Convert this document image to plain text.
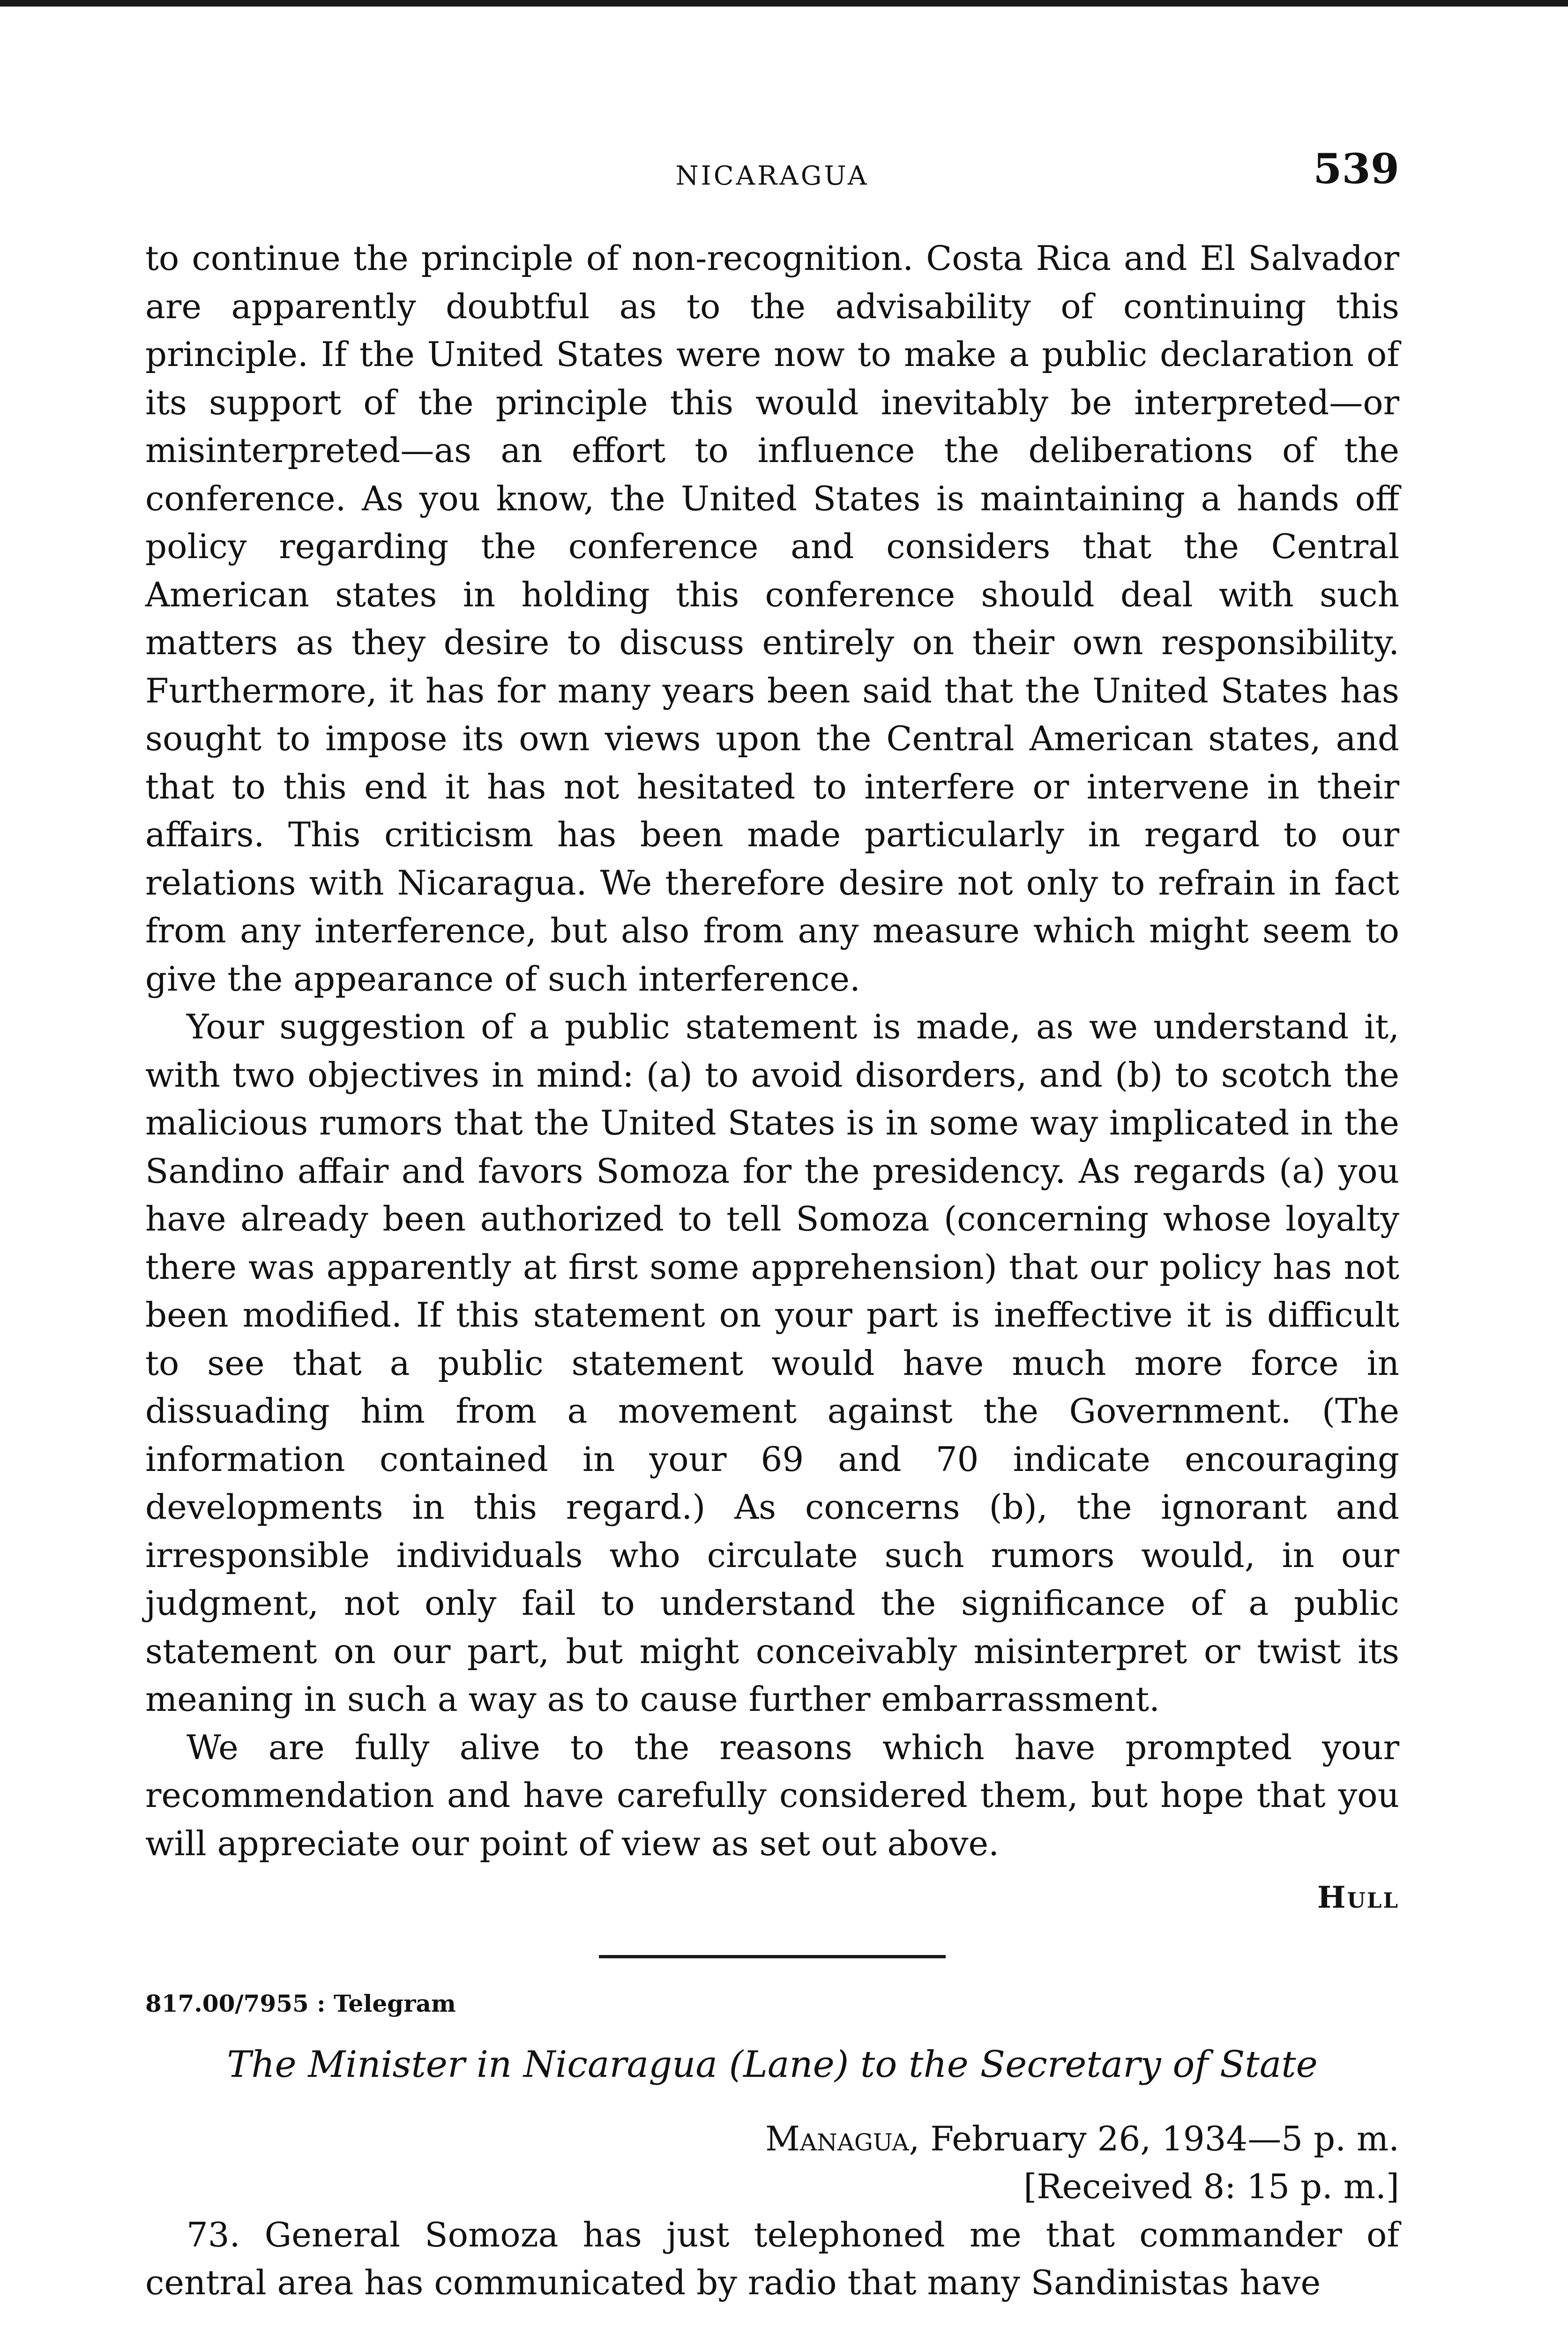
NICARAGUA	539

to continue the principle of non-recognition. Costa Rica and El Salvador are apparently doubtful as to the advisability of continuing this principle. If the United States were now to make a public declaration of its support of the principle this would inevitably be interpreted—or misinterpreted—as an effort to influence the deliberations of the conference. As you know, the United States is maintaining a hands off policy regarding the conference and considers that the Central American states in holding this conference should deal with such matters as they desire to discuss entirely on their own responsibility. Furthermore, it has for many years been said that the United States has sought to impose its own views upon the Central American states, and that to this end it has not hesitated to interfere or intervene in their affairs. This criticism has been made particularly in regard to our relations with Nicaragua. We therefore desire not only to refrain in fact from any interference, but also from any measure which might seem to give the appearance of such interference.

Your suggestion of a public statement is made, as we understand it, with two objectives in mind: (a) to avoid disorders, and (b) to scotch the malicious rumors that the United States is in some way implicated in the Sandino affair and favors Somoza for the presidency. As regards (a) you have already been authorized to tell Somoza (concerning whose loyalty there was apparently at first some apprehension) that our policy has not been modified. If this statement on your part is ineffective it is difficult to see that a public statement would have much more force in dissuading him from a movement against the Government. (The information contained in your 69 and 70 indicate encouraging developments in this regard.) As concerns (b), the ignorant and irresponsible individuals who circulate such rumors would, in our judgment, not only fail to understand the significance of a public statement on our part, but might conceivably misinterpret or twist its meaning in such a way as to cause further embarrassment.

We are fully alive to the reasons which have prompted your recommendation and have carefully considered them, but hope that you will appreciate our point of view as set out above.

Hull
817.00/7955 : Telegram
The Minister in Nicaragua (Lane) to the Secretary of State
Managua, February 26, 1934—5 p. m.
[Received 8: 15 p. m.]

73. General Somoza has just telephoned me that commander of central area has communicated by radio that many Sandinistas have
